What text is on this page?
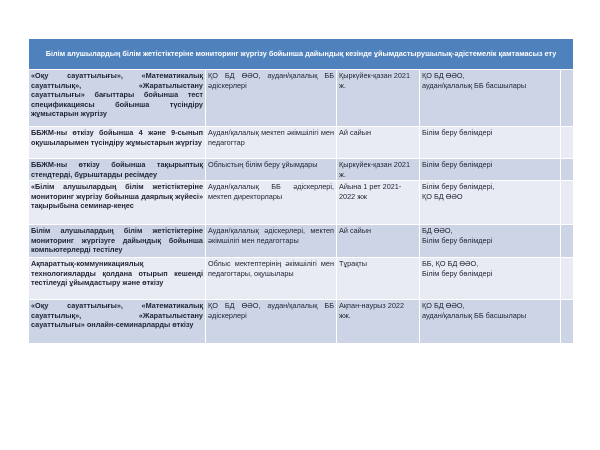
Білім алушылардың білім жетістіктеріне мониторинг жүргізу бойынша дайындық кезінде ұйымдастырушылық-әдістемелік қамтамасыз ету				
«Оқу сауаттылығы», «Математикалық сауаттылық», «Жаратылыстану сауаттылығы» бағыттары бойынша тест спецификациясы бойынша түсіндіру жұмыстарын жүргізу	ҚО БД ӨӘО, аудан/қалалық ББ әдіскерлері	Қыркүйек-қазан 2021 ж.	ҚО БД ӨӘО,
аудан/қалалық ББ басшылары	

ББЖМ-ны өткізу бойынша 4 және 9-сынып оқушыларымен түсіндіру жұмыстарын жүргізу	Аудан/қалалық мектеп әкімшілігі мен педагогтар	Ай сайын	Білім беру бөлімдері	

ББЖМ-ны өткізу бойынша тақырыптық стендтерді, бұрыштарды ресімдеу	Облыстың білім беру ұйымдары	Қыркүйек-қазан 2021 ж.	Білім беру бөлімдері	

«Білім алушылардың білім жетістіктеріне мониторинг жүргізу бойынша даярлық жүйесі» тақырыбына семинар-кеңес	Аудан/қалалық ББ әдіскерлері, мектеп директорлары	Айына 1 рет 2021-2022 жж	Білім беру бөлімдері,
ҚО БД ӨӘО	

Білім алушылардың білім жетістіктеріне мониторинг жүргізуге дайындық бойынша компьютерлерді тестілеу	Аудан/қалалық әдіскерлері, мектеп әкімшілігі мен педагогтары	Ай сайын	БД ӨӘО,
Білім беру бөлімдері	

Ақпараттық-коммуникациялық технологияларды қолдана отырып кешенді тестілеуді ұйымдастыру және өткізу	Облыс мектептерінің әкімшілігі мен педагогтары, оқушылары	Тұрақты	ББ, ҚО БД ӨӘО,
Білім беру бөлімдері	

«Оқу сауаттылығы», «Математикалық сауаттылық», «Жаратылыстану сауаттылығы» онлайн-семинарларды өткізу	ҚО БД ӨӘО, аудан/қалалық ББ әдіскерлері	Ақпан-наурыз 2022 жж.	ҚО БД ӨӘО,
аудан/қалалық ББ басшылары	
